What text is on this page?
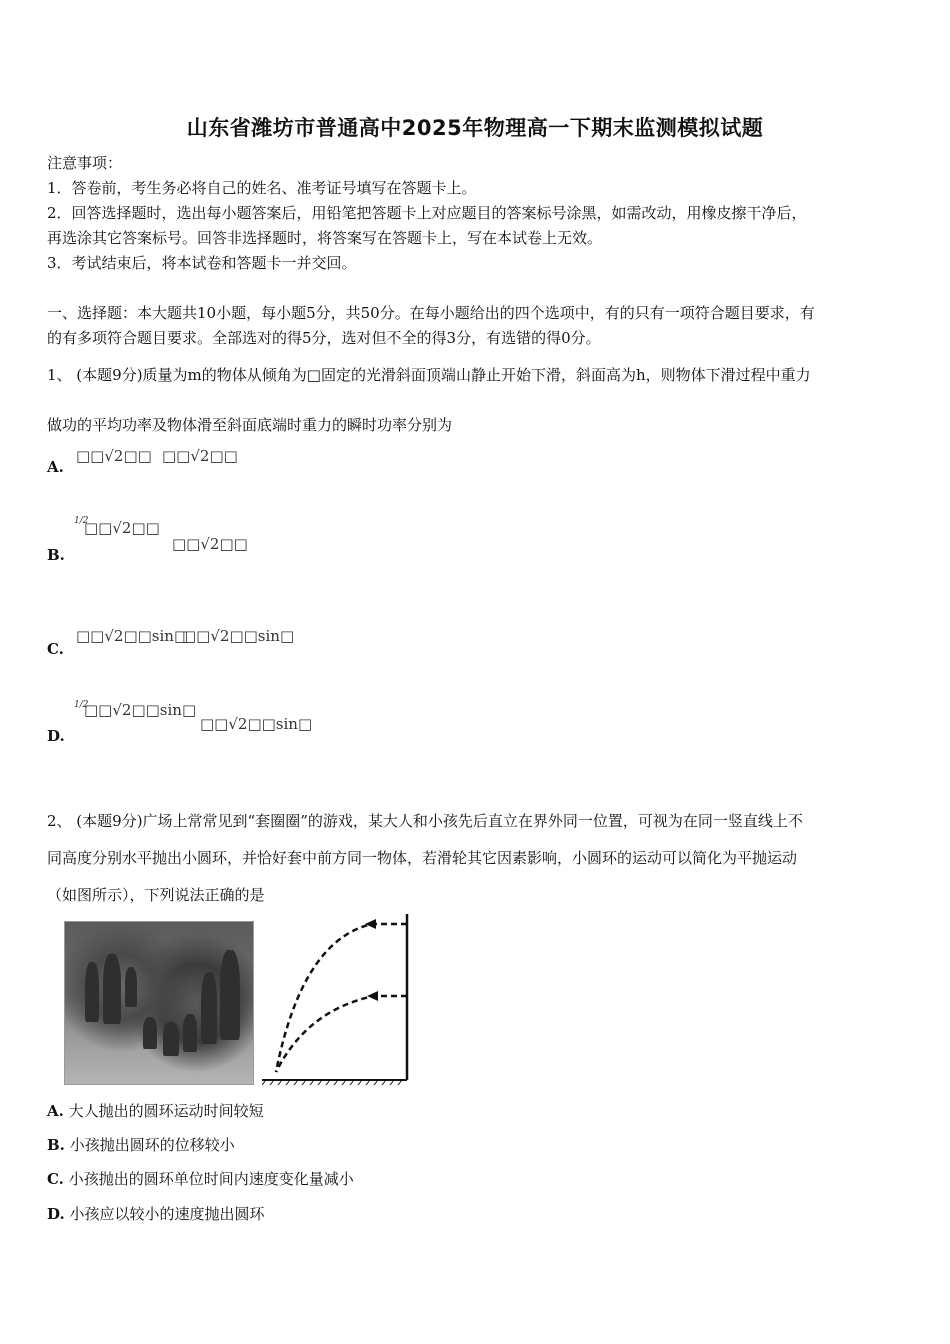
山东省潍坊市普通高中2025年物理高一下期末监测模拟试题
注意事项：
1．答卷前，考生务必将自己的姓名、准考证号填写在答题卡上。
2．回答选择题时，选出每小题答案后，用铅笔把答题卡上对应题目的答案标号涂黑，如需改动，用橡皮擦干净后，
再选涂其它答案标号。回答非选择题时，将答案写在答题卡上，写在本试卷上无效。
3．考试结束后，将本试卷和答题卡一并交回。
一、选择题：本大题共10小题，每小题5分，共50分。在每小题给出的四个选项中，有的只有一项符合题目要求，有
的有多项符合题目要求。全部选对的得5分，选对但不全的得3分，有选错的得0分。
1、 (本题9分)质量为m的物体从倾角为□固定的光滑斜面顶端山静止开始下滑，斜面高为h，则物体下滑过程中重力
做功的平均功率及物体滑至斜面底端时重力的瞬时功率分别为
A.
□□√2□□ □□√2□□
B.
1/2
□□√2□□
□□√2□□
C.
□□√2□□sin□
□□√2□□sin□
D.
1/2
□□√2□□sin□
□□√2□□sin□
2、 (本题9分)广场上常常见到“套圈圈”的游戏，某大人和小孩先后直立在界外同一位置，可视为在同一竖直线上不
同高度分别水平抛出小圆环，并恰好套中前方同一物体，若滑轮其它因素影响，小圆环的运动可以简化为平抛运动
（如图所示），下列说法正确的是
A. 大人抛出的圆环运动时间较短
B. 小孩抛出圆环的位移较小
C. 小孩抛出的圆环单位时间内速度变化量减小
D. 小孩应以较小的速度抛出圆环
